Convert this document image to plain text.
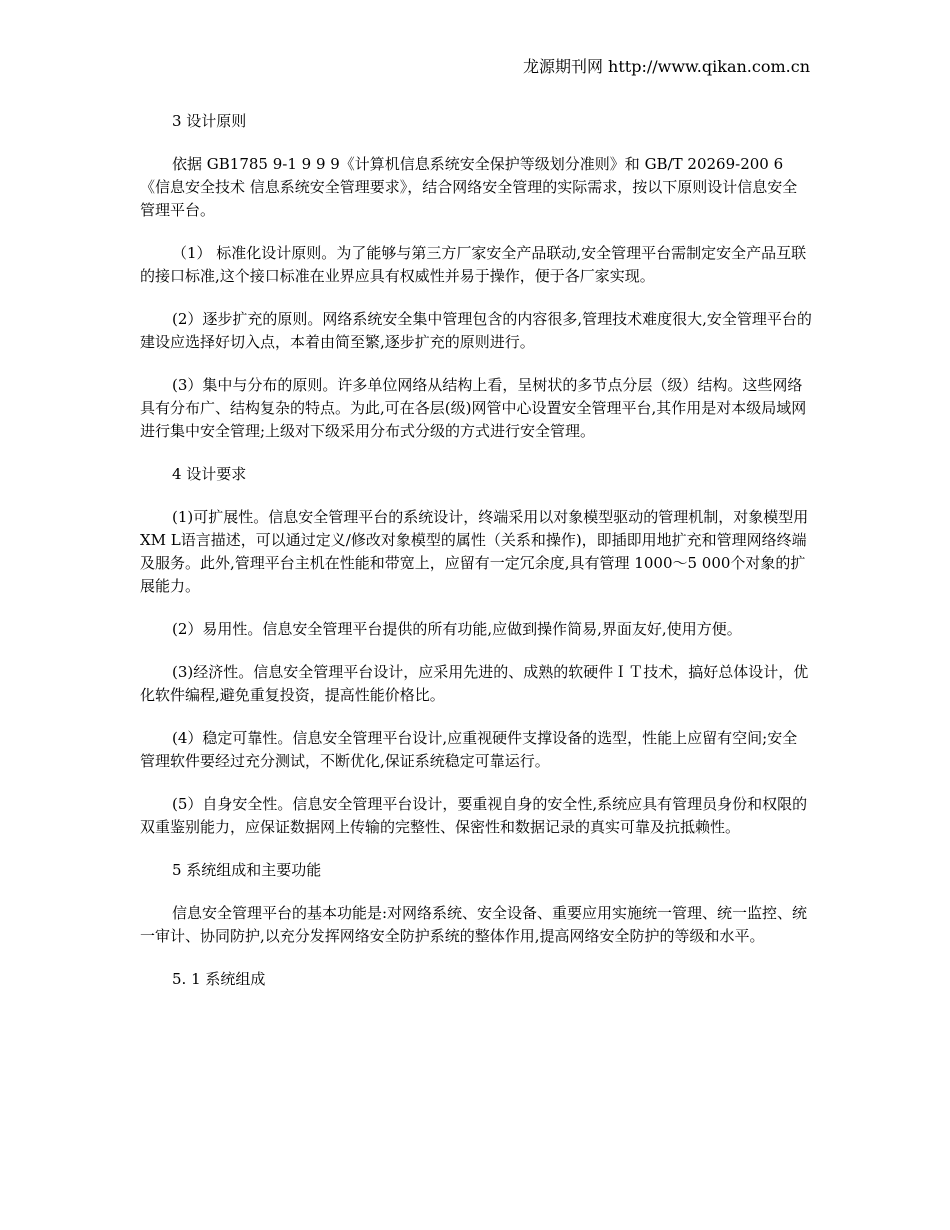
龙源期刊网 http://www.qikan.com.cn

3 设计原则

依据 GB1785 9-1 9 9 9《计算机信息系统安全保护等级划分准则》和 GB/T 20269-200 6《信息安全技术 信息系统安全管理要求》，结合网络安全管理的实际需求，按以下原则设计信息安全管理平台。

（1） 标准化设计原则。为了能够与第三方厂家安全产品联动,安全管理平台需制定安全产品互联的接口标准,这个接口标准在业界应具有权威性并易于操作，便于各厂家实现。

(2）逐步扩充的原则。网络系统安全集中管理包含的内容很多,管理技术难度很大,安全管理平台的建设应选择好切入点，本着由简至繁,逐步扩充的原则进行。

(3）集中与分布的原则。许多单位网络从结构上看，呈树状的多节点分层（级）结构。这些网络具有分布广、结构复杂的特点。为此,可在各层(级)网管中心设置安全管理平台,其作用是对本级局域网进行集中安全管理;上级对下级采用分布式分级的方式进行安全管理。

4 设计要求

(1)可扩展性。信息安全管理平台的系统设计，终端采用以对象模型驱动的管理机制，对象模型用 XM L语言描述，可以通过定义/修改对象模型的属性（关系和操作)，即插即用地扩充和管理网络终端及服务。此外,管理平台主机在性能和带宽上，应留有一定冗余度,具有管理 1000～5 000个对象的扩展能力。

(2）易用性。信息安全管理平台提供的所有功能,应做到操作简易,界面友好,使用方便。

(3)经济性。信息安全管理平台设计，应采用先进的、成熟的软硬件ＩＴ技术，搞好总体设计，优化软件编程,避免重复投资，提高性能价格比。

(4）稳定可靠性。信息安全管理平台设计,应重视硬件支撑设备的选型，性能上应留有空间;安全管理软件要经过充分测试，不断优化,保证系统稳定可靠运行。

(5）自身安全性。信息安全管理平台设计，要重视自身的安全性,系统应具有管理员身份和权限的双重鉴别能力，应保证数据网上传输的完整性、保密性和数据记录的真实可靠及抗抵赖性。

5 系统组成和主要功能

信息安全管理平台的基本功能是:对网络系统、安全设备、重要应用实施统一管理、统一监控、统一审计、协同防护,以充分发挥网络安全防护系统的整体作用,提高网络安全防护的等级和水平。

5. 1 系统组成
